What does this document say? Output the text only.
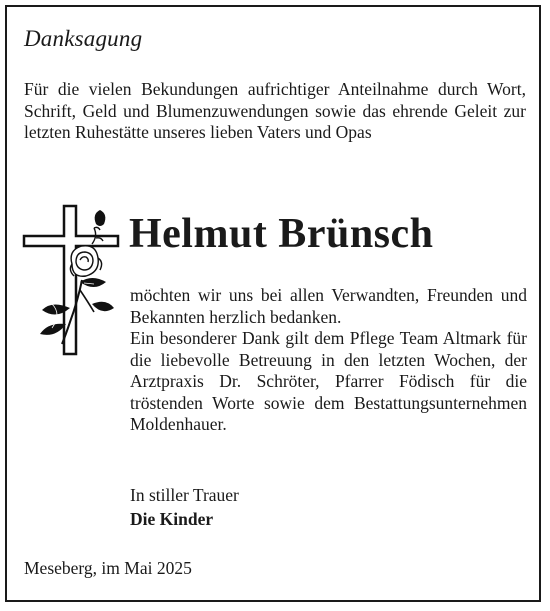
Danksagung
Für die vielen Bekundungen aufrichtiger Anteilnahme durch Wort, Schrift, Geld und Blumenzuwendungen sowie das ehrende Geleit zur letzten Ruhestätte unseres lieben Vaters und Opas
Helmut Brünsch

möchten wir uns bei allen Verwandten, Freunden und Bekannten herzlich bedanken.

Ein besonderer Dank gilt dem Pflege Team Altmark für die liebevolle Betreuung in den letzten Wochen, der Arztpraxis Dr. Schröter, Pfarrer Födisch für die tröstenden Worte sowie dem Bestattungsunternehmen Moldenhauer.

In stiller Trauer
Die Kinder
Meseberg, im Mai 2025
